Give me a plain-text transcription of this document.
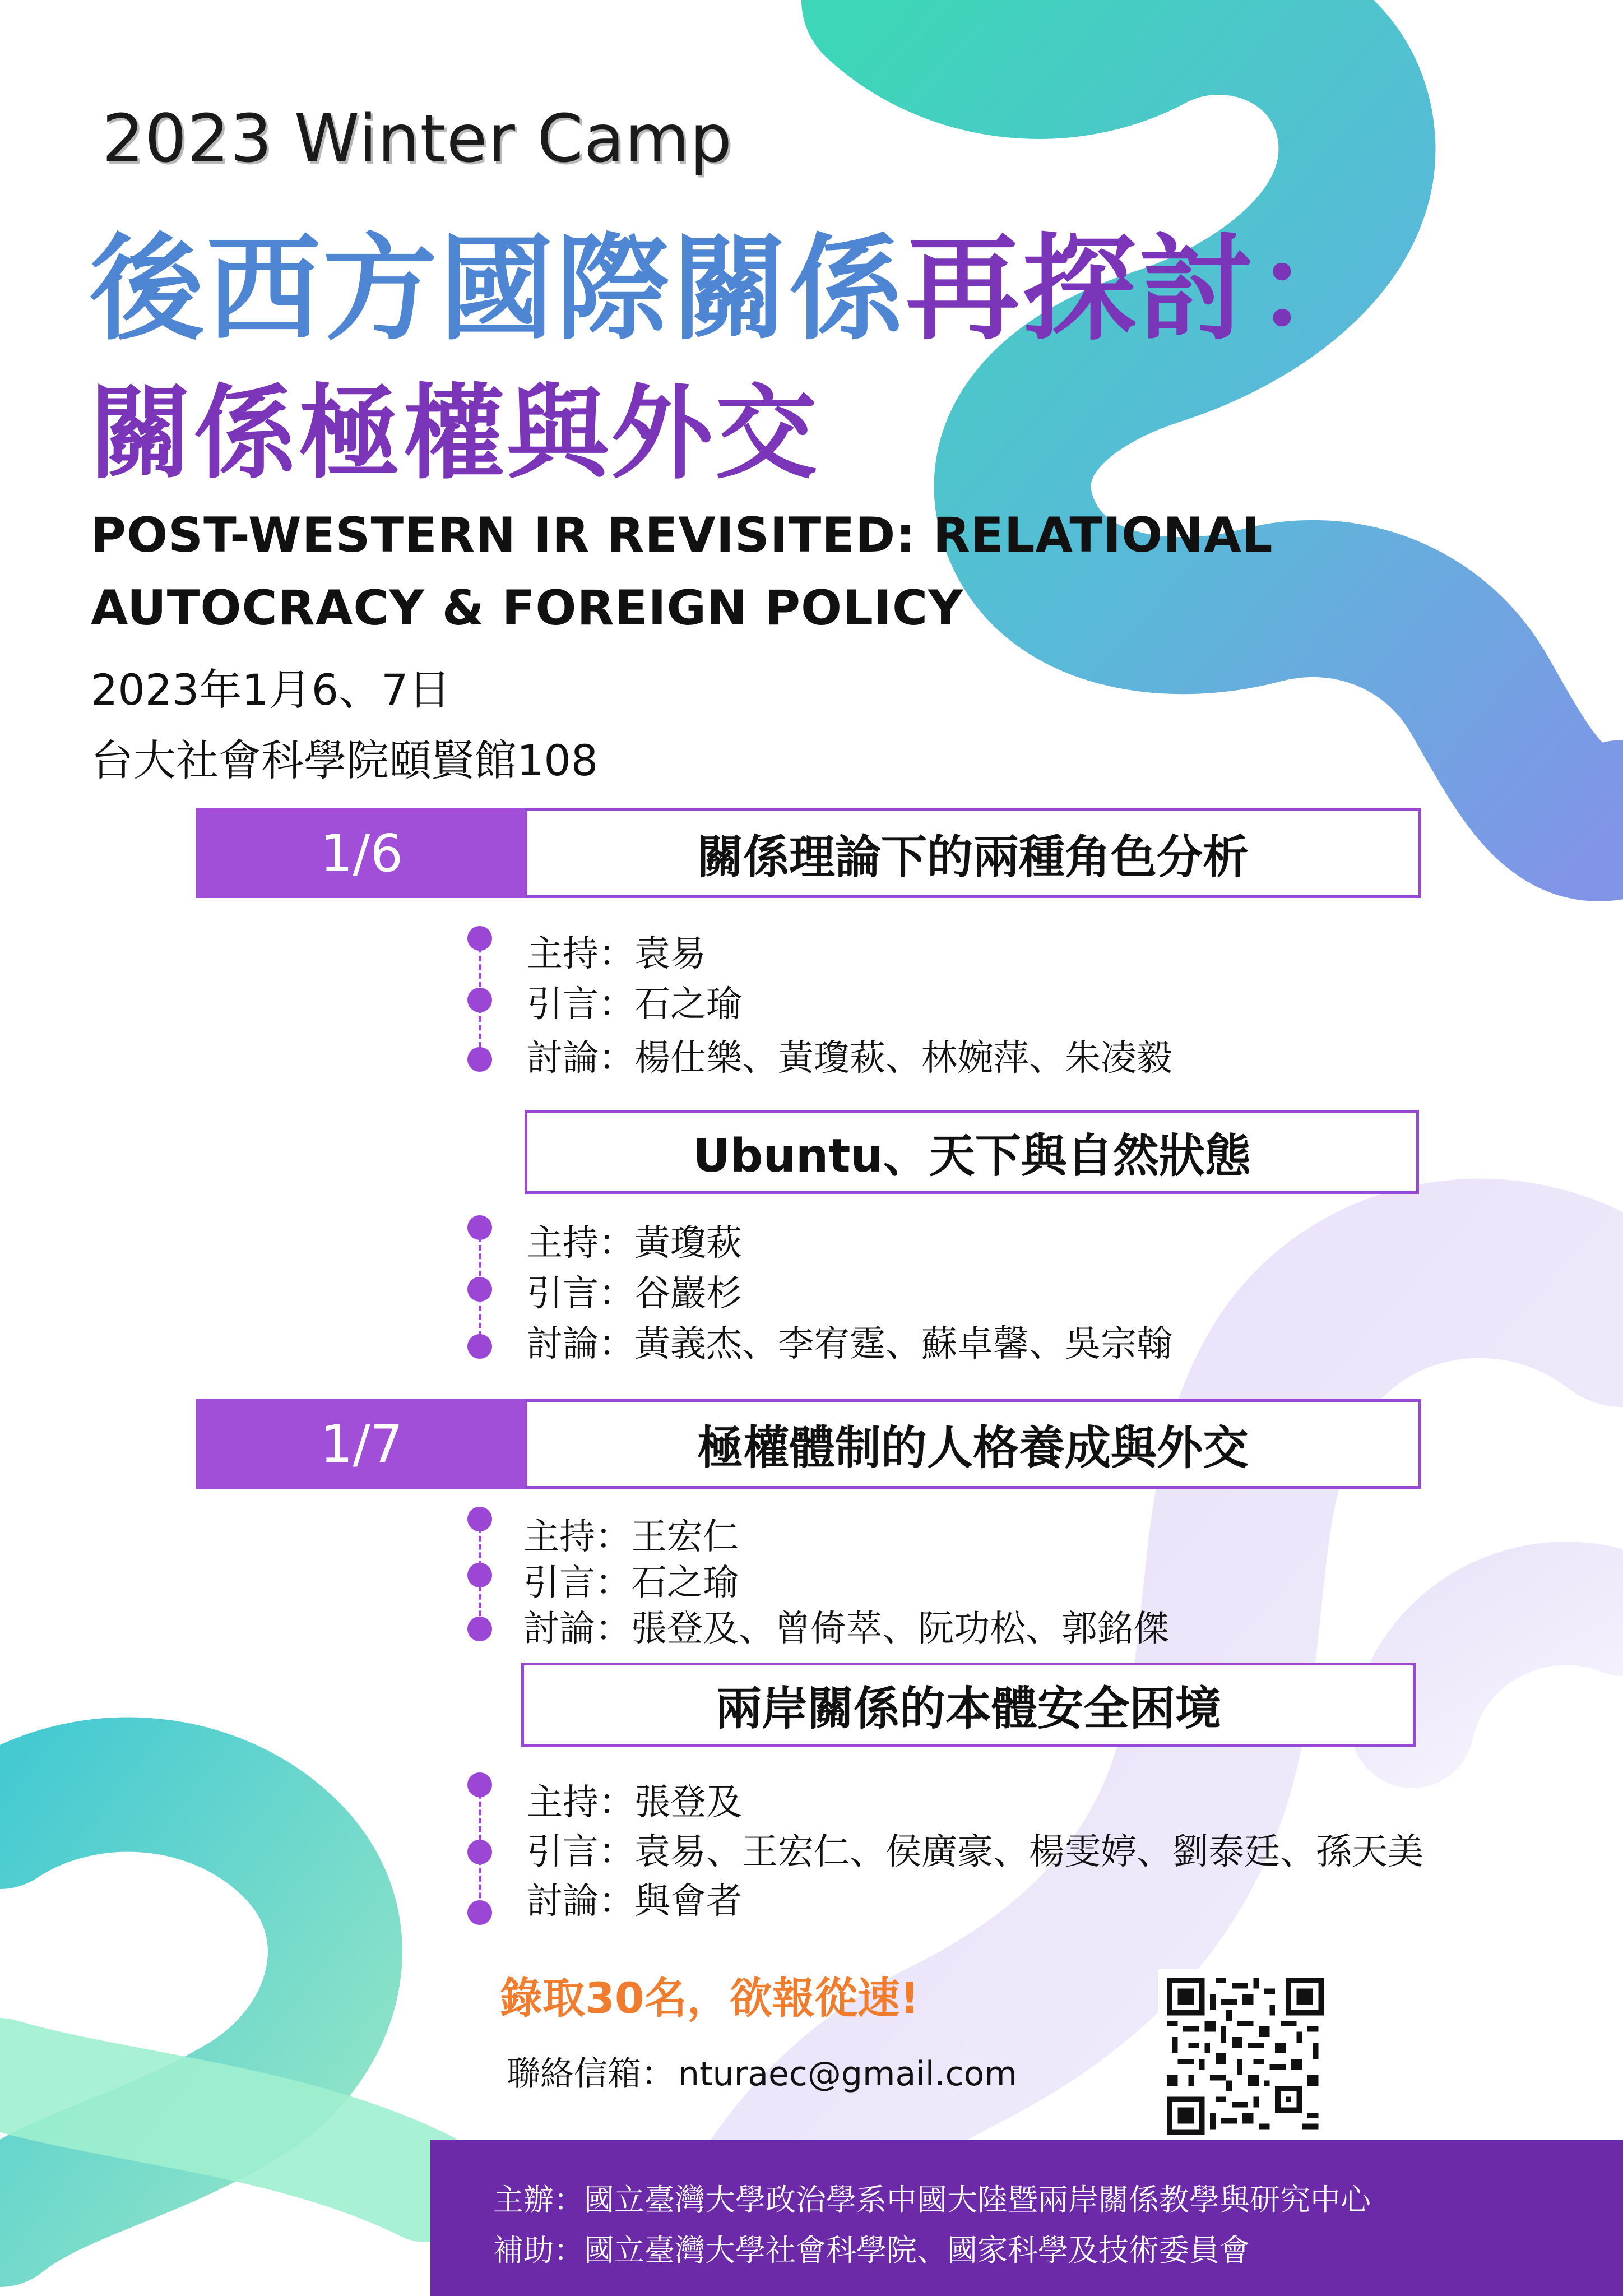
2023 Winter Camp
後西方國際關係再探討：
關係極權與外交
POST-WESTERN IR REVISITED: RELATIONAL
AUTOCRACY & FOREIGN POLICY
2023年1月6、7日
台大社會科學院頤賢館108
1/6	關係理論下的兩種角色分析
主持：袁易
引言：石之瑜
討論：楊仕樂、黃瓊萩、林婉萍、朱凌毅
Ubuntu、天下與自然狀態
主持：黃瓊萩
引言：谷巖杉
討論：黃義杰、李宥霆、蘇卓馨、吳宗翰
1/7	極權體制的人格養成與外交
主持：王宏仁
引言：石之瑜
討論：張登及、曾倚萃、阮功松、郭銘傑
兩岸關係的本體安全困境
主持：張登及
引言：袁易、王宏仁、侯廣豪、楊雯婷、劉泰廷、孫天美
討論：與會者
錄取30名，欲報從速!
聯絡信箱： nturaec@gmail.com
主辦：國立臺灣大學政治學系中國大陸暨兩岸關係教學與研究中心
補助：國立臺灣大學社會科學院、國家科學及技術委員會
